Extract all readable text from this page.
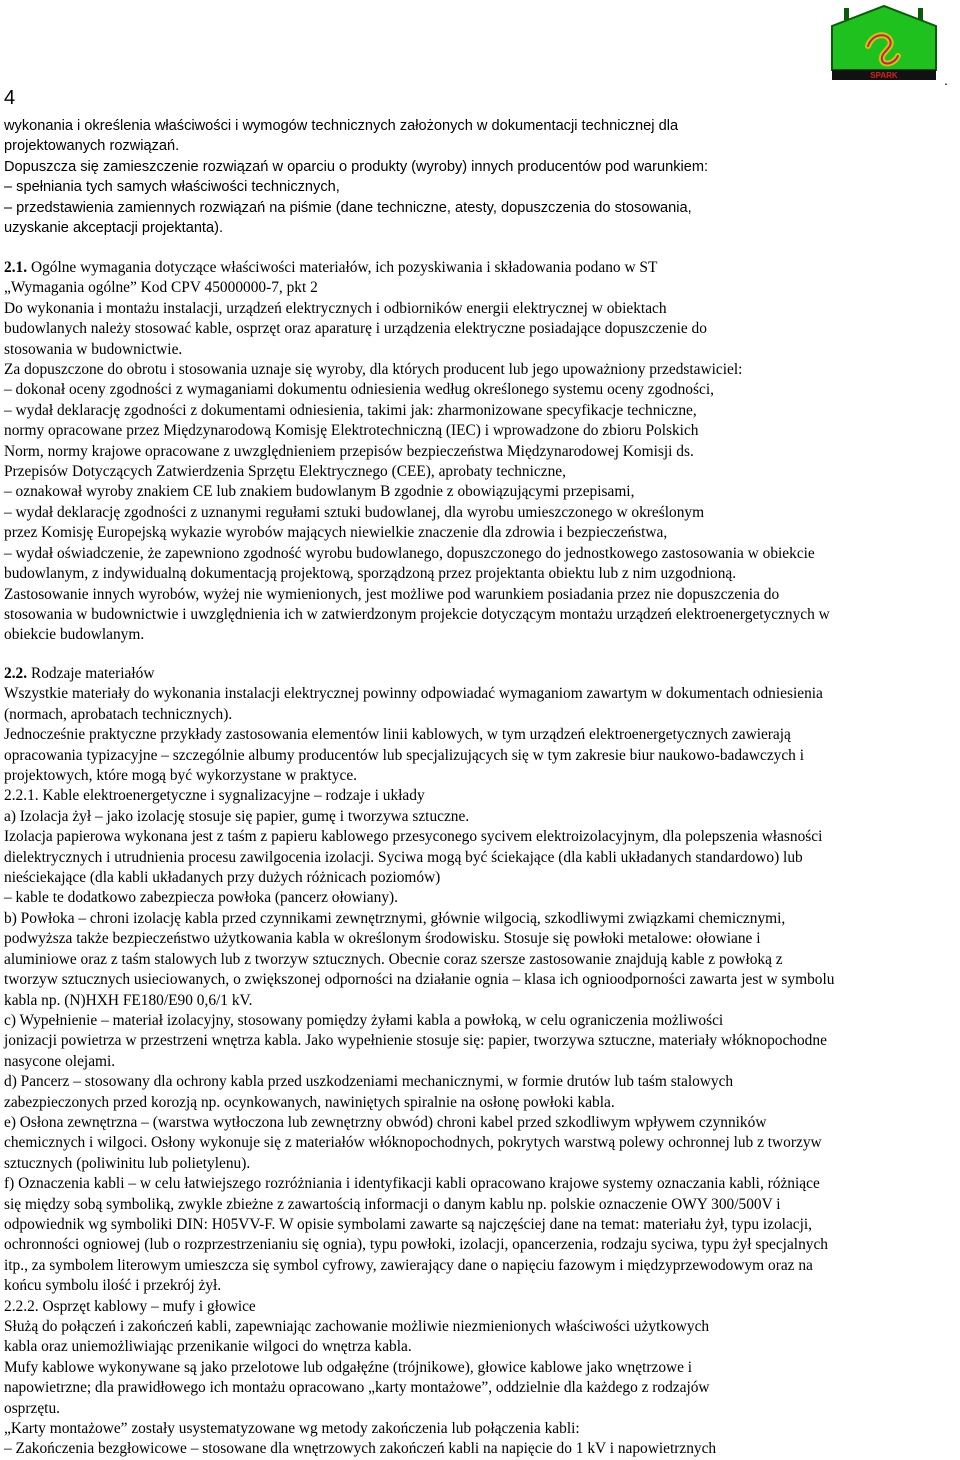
SPARK	.
4

wykonania i określenia właściwości i wymogów technicznych założonych w dokumentacji technicznej dla

projektowanych rozwiązań.

Dopuszcza się zamieszczenie rozwiązań w oparciu o produkty (wyroby) innych producentów pod warunkiem:

– spełniania tych samych właściwości technicznych,

– przedstawienia zamiennych rozwiązań na piśmie (dane techniczne, atesty, dopuszczenia do stosowania,

uzyskanie akceptacji projektanta).

2.1. Ogólne wymagania dotyczące właściwości materiałów, ich pozyskiwania i składowania podano w ST

„Wymagania ogólne” Kod CPV 45000000-7, pkt 2

Do wykonania i montażu instalacji, urządzeń elektrycznych i odbiorników energii elektrycznej w obiektach

budowlanych należy stosować kable, osprzęt oraz aparaturę i urządzenia elektryczne posiadające dopuszczenie do

stosowania w budownictwie.

Za dopuszczone do obrotu i stosowania uznaje się wyroby, dla których producent lub jego upoważniony przedstawiciel:

– dokonał oceny zgodności z wymaganiami dokumentu odniesienia według określonego systemu oceny zgodności,

– wydał deklarację zgodności z dokumentami odniesienia, takimi jak: zharmonizowane specyfikacje techniczne,

normy opracowane przez Międzynarodową Komisję Elektrotechniczną (IEC) i wprowadzone do zbioru Polskich

Norm, normy krajowe opracowane z uwzględnieniem przepisów bezpieczeństwa Międzynarodowej Komisji ds.

Przepisów Dotyczących Zatwierdzenia Sprzętu Elektrycznego (CEE), aprobaty techniczne,

– oznakował wyroby znakiem CE lub znakiem budowlanym B zgodnie z obowiązującymi przepisami,

– wydał deklarację zgodności z uznanymi regułami sztuki budowlanej, dla wyrobu umieszczonego w określonym

przez Komisję Europejską wykazie wyrobów mających niewielkie znaczenie dla zdrowia i bezpieczeństwa,

– wydał oświadczenie, że zapewniono zgodność wyrobu budowlanego, dopuszczonego do jednostkowego zastosowania w obiekcie

budowlanym, z indywidualną dokumentacją projektową, sporządzoną przez projektanta obiektu lub z nim uzgodnioną.

Zastosowanie innych wyrobów, wyżej nie wymienionych, jest możliwe pod warunkiem posiadania przez nie dopuszczenia do

stosowania w budownictwie i uwzględnienia ich w zatwierdzonym projekcie dotyczącym montażu urządzeń elektroenergetycznych w

obiekcie budowlanym.

2.2. Rodzaje materiałów

Wszystkie materiały do wykonania instalacji elektrycznej powinny odpowiadać wymaganiom zawartym w dokumentach odniesienia

(normach, aprobatach technicznych).

Jednocześnie praktyczne przykłady zastosowania elementów linii kablowych, w tym urządzeń elektroenergetycznych zawierają

opracowania typizacyjne – szczególnie albumy producentów lub specjalizujących się w tym zakresie biur naukowo-badawczych i

projektowych, które mogą być wykorzystane w praktyce.

2.2.1. Kable elektroenergetyczne i sygnalizacyjne – rodzaje i układy

a) Izolacja żył – jako izolację stosuje się papier, gumę i tworzywa sztuczne.

Izolacja papierowa wykonana jest z taśm z papieru kablowego przesyconego sycivem elektroizolacyjnym, dla polepszenia własności

dielektrycznych i utrudnienia procesu zawilgocenia izolacji. Syciwa mogą być ściekające (dla kabli układanych standardowo) lub

nieściekające (dla kabli układanych przy dużych różnicach poziomów)

– kable te dodatkowo zabezpiecza powłoka (pancerz ołowiany).

b) Powłoka – chroni izolację kabla przed czynnikami zewnętrznymi, głównie wilgocią, szkodliwymi związkami chemicznymi,

podwyższa także bezpieczeństwo użytkowania kabla w określonym środowisku. Stosuje się powłoki metalowe: ołowiane i

aluminiowe oraz z taśm stalowych lub z tworzyw sztucznych. Obecnie coraz szersze zastosowanie znajdują kable z powłoką z

tworzyw sztucznych usieciowanych, o zwiększonej odporności na działanie ognia – klasa ich ognioodporności zawarta jest w symbolu

kabla np. (N)HXH FE180/E90 0,6/1 kV.

c) Wypełnienie – materiał izolacyjny, stosowany pomiędzy żyłami kabla a powłoką, w celu ograniczenia możliwości

jonizacji powietrza w przestrzeni wnętrza kabla. Jako wypełnienie stosuje się: papier, tworzywa sztuczne, materiały włóknopochodne

nasycone olejami.

d) Pancerz – stosowany dla ochrony kabla przed uszkodzeniami mechanicznymi, w formie drutów lub taśm stalowych

zabezpieczonych przed korozją np. ocynkowanych, nawiniętych spiralnie na osłonę powłoki kabla.

e) Osłona zewnętrzna – (warstwa wytłoczona lub zewnętrzny obwód) chroni kabel przed szkodliwym wpływem czynników

chemicznych i wilgoci. Osłony wykonuje się z materiałów włóknopochodnych, pokrytych warstwą polewy ochronnej lub z tworzyw

sztucznych (poliwinitu lub polietylenu).

f) Oznaczenia kabli – w celu łatwiejszego rozróżniania i identyfikacji kabli opracowano krajowe systemy oznaczania kabli, różniące

się między sobą symboliką, zwykle zbieżne z zawartością informacji o danym kablu np. polskie oznaczenie OWY 300/500V i

odpowiednik wg symboliki DIN: H05VV-F. W opisie symbolami zawarte są najczęściej dane na temat: materiału żył, typu izolacji,

ochronności ogniowej (lub o rozprzestrzenianiu się ognia), typu powłoki, izolacji, opancerzenia, rodzaju syciwa, typu żył specjalnych

itp., za symbolem literowym umieszcza się symbol cyfrowy, zawierający dane o napięciu fazowym i międzyprzewodowym oraz na

końcu symbolu ilość i przekrój żył.

2.2.2. Osprzęt kablowy – mufy i głowice

Służą do połączeń i zakończeń kabli, zapewniając zachowanie możliwie niezmienionych właściwości użytkowych

kabla oraz uniemożliwiając przenikanie wilgoci do wnętrza kabla.

Mufy kablowe wykonywane są jako przelotowe lub odgałęźne (trójnikowe), głowice kablowe jako wnętrzowe i

napowietrzne; dla prawidłowego ich montażu opracowano „karty montażowe”, oddzielnie dla każdego z rodzajów

osprzętu.

„Karty montażowe” zostały usystematyzowane wg metody zakończenia lub połączenia kabli:

– Zakończenia bezgłowicowe – stosowane dla wnętrzowych zakończeń kabli na napięcie do 1 kV i napowietrznych
